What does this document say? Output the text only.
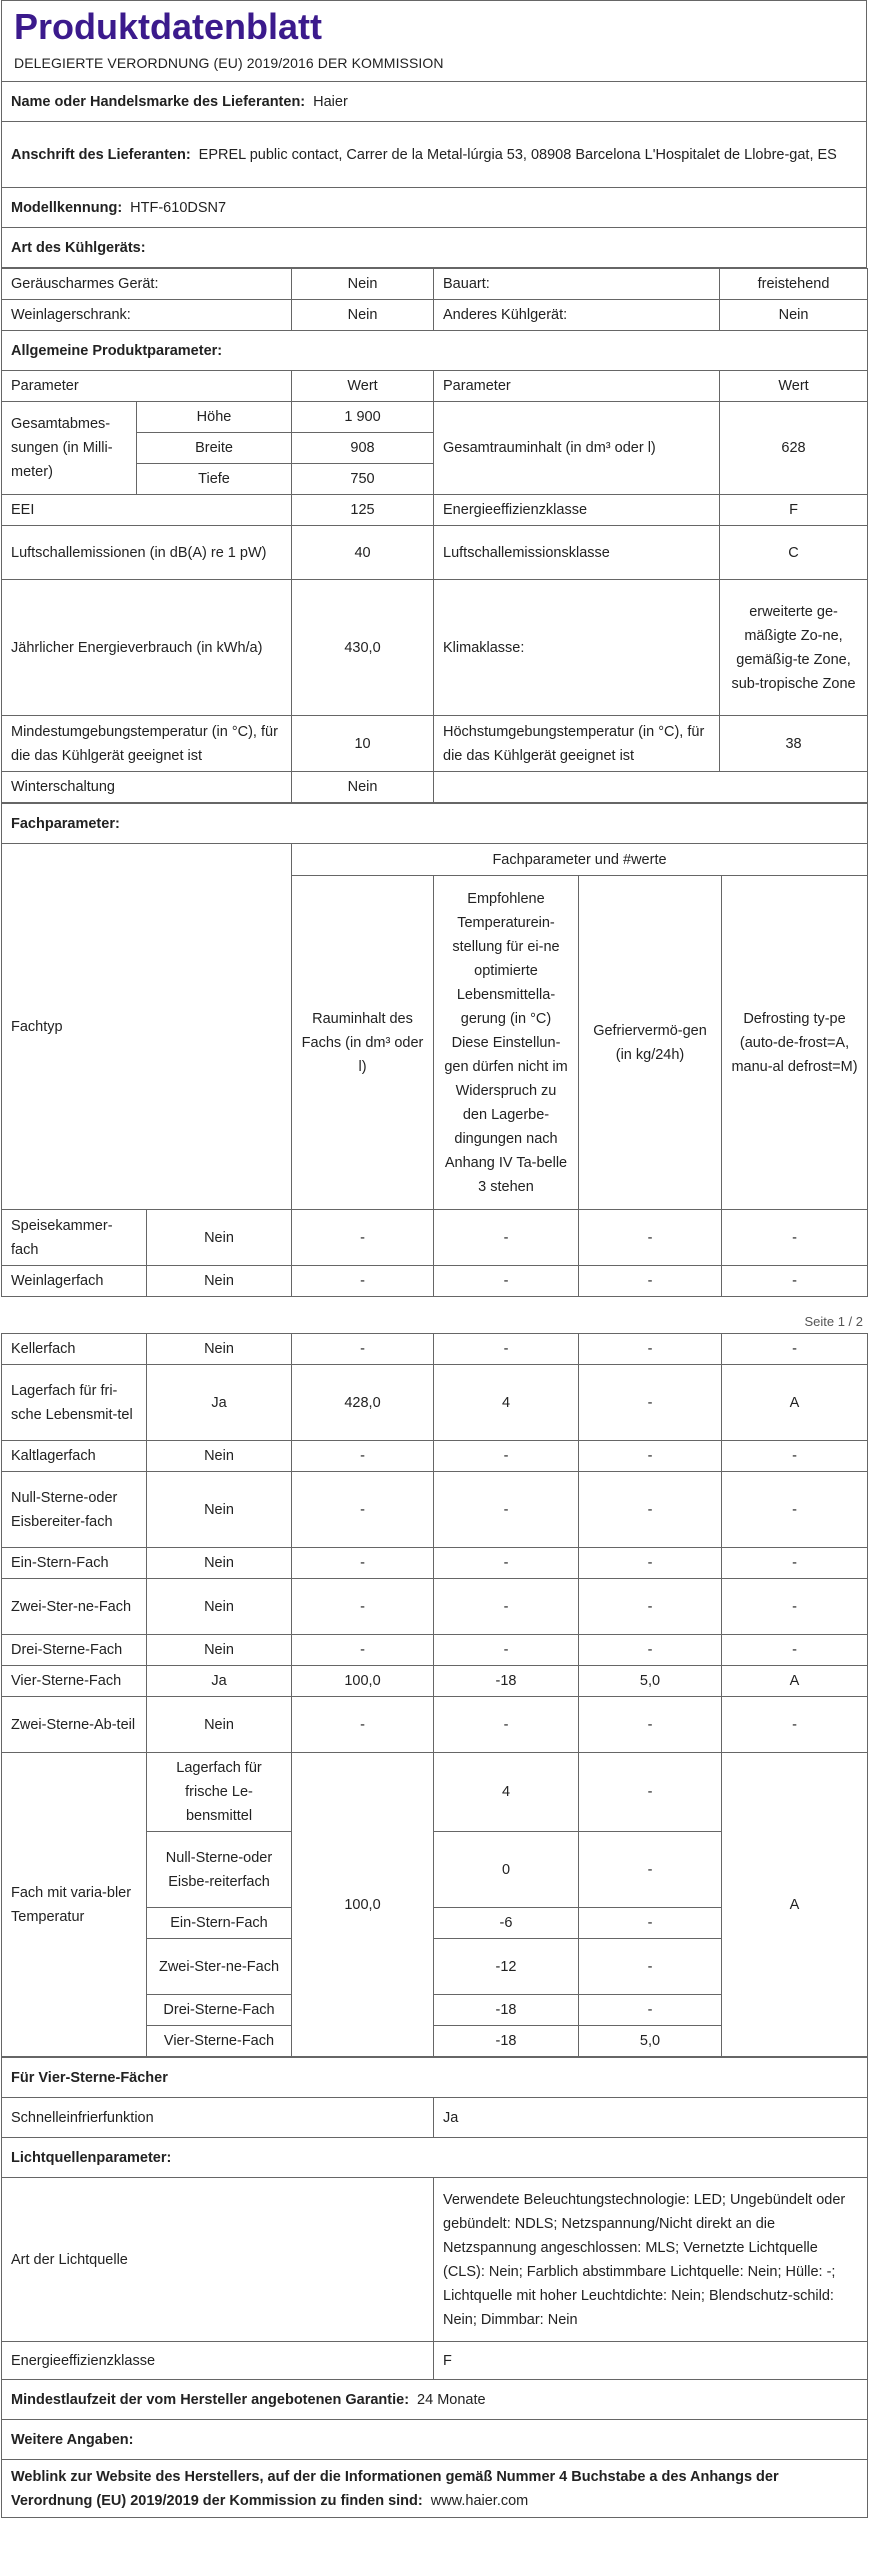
Produktdatenblatt
DELEGIERTE VERORDNUNG (EU) 2019/2016 DER KOMMISSION
Name oder Handelsmarke des Lieferanten: Haier
Anschrift des Lieferanten: EPREL public contact, Carrer de la Metal-lúrgia 53, 08908 Barcelona L'Hospitalet de Llobre-gat, ES
Modellkennung: HTF-610DSN7
Art des Kühlgeräts:
Geräuscharmes Gerät:		Nein	Bauart:	freistehend
Weinlagerschrank:		Nein	Anderes Kühlgerät:	Nein
Allgemeine Produktparameter:				
Parameter		Wert	Parameter	Wert
Gesamtabmes-sungen (in Milli-meter)	Höhe	1 900	Gesamtrauminhalt (in dm³ oder l)	628
	Breite	908		
	Tiefe	750		
EEI		125	Energieeffizienzklasse	F
Luftschallemissionen (in dB(A) re 1 pW)		40	Luftschallemissionsklasse	C
Jährlicher Energieverbrauch (in kWh/a)		430,0	Klimaklasse:	erweiterte ge-mäßigte Zo-ne, gemäßig-te Zone, sub-tropische Zone
Mindestumgebungstemperatur (in °C), für die das Kühlgerät geeignet ist		10	Höchstumgebungstemperatur (in °C), für die das Kühlgerät geeignet ist	38
Winterschaltung		Nein		
Fachparameter:					
Fachtyp		Fachparameter und #werte			
		Rauminhalt des Fachs (in dm³ oder l)	Empfohlene Temperaturein-stellung für ei-ne optimierte Lebensmittella-gerung (in °C) Diese Einstellun-gen dürfen nicht im Widerspruch zu den Lagerbe-dingungen nach Anhang IV Ta-belle 3 stehen	Gefriervermö-gen (in kg/24h)	Defrosting ty-pe (auto-de-frost=A, manu-al defrost=M)
Speisekammer-fach	Nein	-	-	-	-
Weinlagerfach	Nein	-	-	-	-
Seite 1 / 2
Kellerfach	Nein	-	-	-	-
Lagerfach für fri-sche Lebensmit-tel	Ja	428,0	4	-	A
Kaltlagerfach	Nein	-	-	-	-
Null-Sterne-oder Eisbereiter-fach	Nein	-	-	-	-
Ein-Stern-Fach	Nein	-	-	-	-
Zwei-Ster-ne-Fach	Nein	-	-	-	-
Drei-Sterne-Fach	Nein	-	-	-	-
Vier-Sterne-Fach	Ja	100,0	-18	5,0	A
Zwei-Sterne-Ab-teil	Nein	-	-	-	-
Fach mit varia-bler Temperatur	Lagerfach für frische Le-bensmittel	100,0	4	-	A
	Null-Sterne-oder Eisbe-reiterfach		0	-	
	Ein-Stern-Fach		-6	-	
	Zwei-Ster-ne-Fach		-12	-	
	Drei-Sterne-Fach		-18	-	
	Vier-Sterne-Fach		-18	5,0	
Für Vier-Sterne-Fächer	
Schnelleinfrierfunktion	Ja
Lichtquellenparameter:	
Art der Lichtquelle	Verwendete Beleuchtungstechnologie: LED; Ungebündelt oder gebündelt: NDLS; Netzspannung/Nicht direkt an die Netzspannung angeschlossen: MLS; Vernetzte Lichtquelle (CLS): Nein; Farblich abstimmbare Lichtquelle: Nein; Hülle: -; Lichtquelle mit hoher Leuchtdichte: Nein; Blendschutz-schild: Nein; Dimmbar: Nein
Energieeffizienzklasse	F
Mindestlaufzeit der vom Hersteller angebotenen Garantie: 24 Monate	
Weitere Angaben:	
Weblink zur Website des Herstellers, auf der die Informationen gemäß Nummer 4 Buchstabe a des Anhangs der Verordnung (EU) 2019/2019 der Kommission zu finden sind: www.haier.com	
